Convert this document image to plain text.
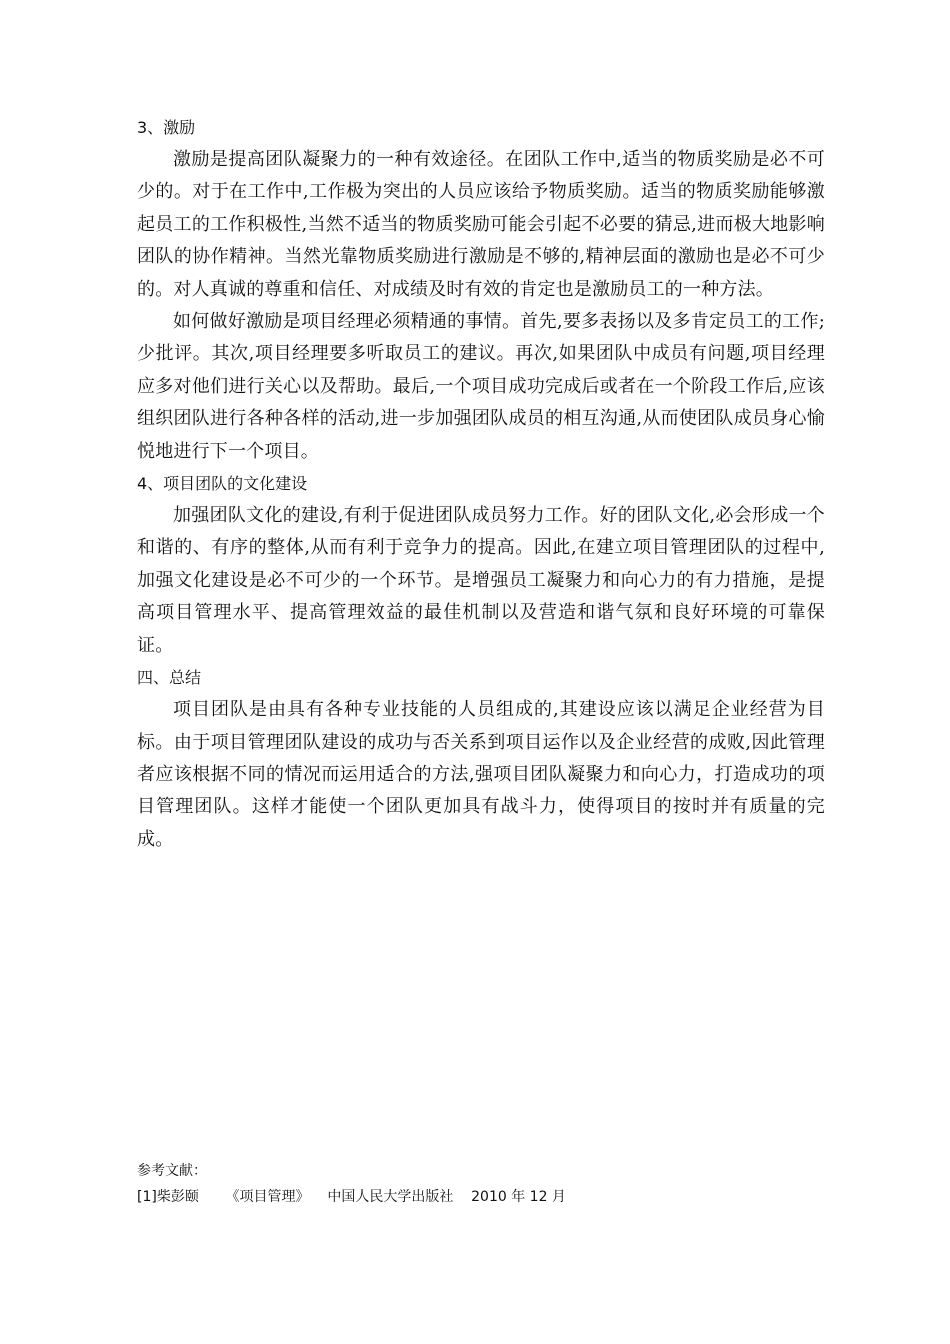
3、激励

激励是提高团队凝聚力的一种有效途径。在团队工作中,适当的物质奖励是必不可少的。对于在工作中,工作极为突出的人员应该给予物质奖励。适当的物质奖励能够激起员工的工作积极性,当然不适当的物质奖励可能会引起不必要的猜忌,进而极大地影响团队的协作精神。当然光靠物质奖励进行激励是不够的,精神层面的激励也是必不可少的。对人真诚的尊重和信任、对成绩及时有效的肯定也是激励员工的一种方法。

如何做好激励是项目经理必须精通的事情。首先,要多表扬以及多肯定员工的工作;少批评。其次,项目经理要多听取员工的建议。再次,如果团队中成员有问题,项目经理应多对他们进行关心以及帮助。最后,一个项目成功完成后或者在一个阶段工作后,应该组织团队进行各种各样的活动,进一步加强团队成员的相互沟通,从而使团队成员身心愉悦地进行下一个项目。

4、项目团队的文化建设

加强团队文化的建设,有利于促进团队成员努力工作。好的团队文化,必会形成一个和谐的、有序的整体,从而有利于竞争力的提高。因此,在建立项目管理团队的过程中,加强文化建设是必不可少的一个环节。是增强员工凝聚力和向心力的有力措施，是提高项目管理水平、提高管理效益的最佳机制以及营造和谐气氛和良好环境的可靠保证。

四、总结

项目团队是由具有各种专业技能的人员组成的,其建设应该以满足企业经营为目标。由于项目管理团队建设的成功与否关系到项目运作以及企业经营的成败,因此管理者应该根据不同的情况而运用适合的方法,强项目团队凝聚力和向心力，打造成功的项目管理团队。这样才能使一个团队更加具有战斗力，使得项目的按时并有质量的完成。

参考文献：

[1]柴彭颐      《项目管理》    中国人民大学出版社    2010 年 12 月
